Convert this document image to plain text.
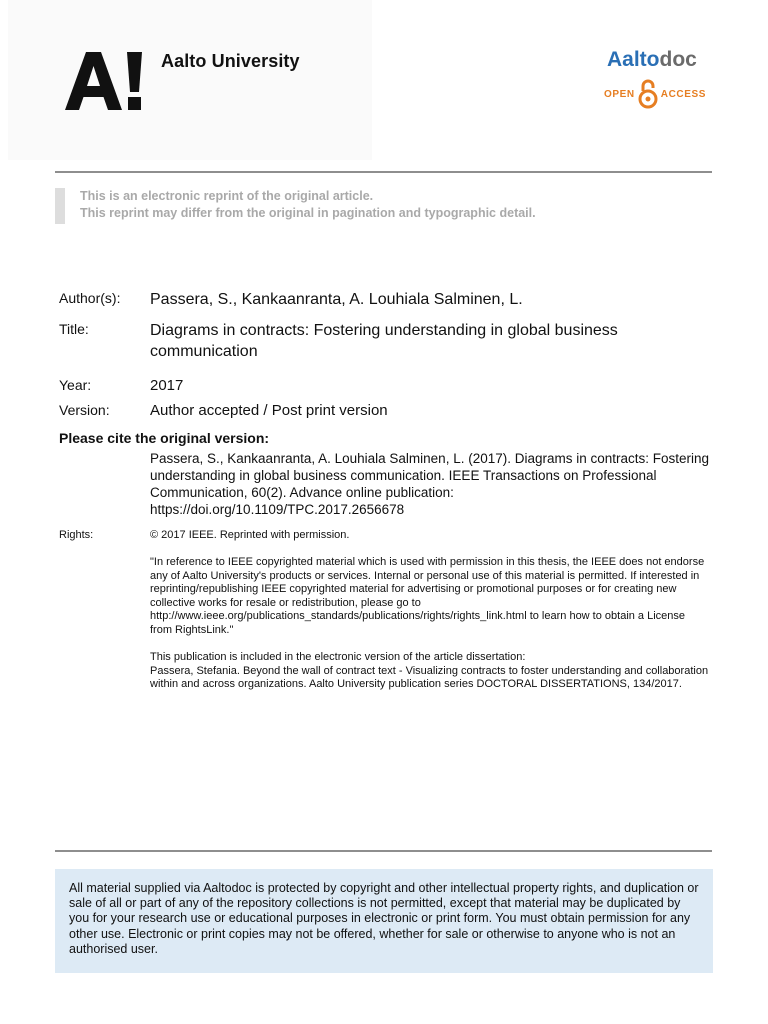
Aalto University	Aaltodoc
OPEN	ACCESS
This is an electronic reprint of the original article.
This reprint may differ from the original in pagination and typographic detail.
Author(s): Passera, S., Kankaanranta, A. Louhiala Salminen, L.
Title:	Diagrams in contracts: Fostering understanding in global business communication
Year:	2017
Version:	Author accepted / Post print version
Please cite the original version:
Passera, S., Kankaanranta, A. Louhiala Salminen, L. (2017). Diagrams in contracts: Fostering understanding in global business communication. IEEE Transactions on Professional Communication, 60(2). Advance online publication: https://doi.org/10.1109/TPC.2017.2656678
Rights:	© 2017 IEEE. Reprinted with permission.
"In reference to IEEE copyrighted material which is used with permission in this thesis, the IEEE does not endorse any of Aalto University's products or services. Internal or personal use of this material is permitted. If interested in reprinting/republishing IEEE copyrighted material for advertising or promotional purposes or for creating new collective works for resale or redistribution, please go to http://www.ieee.org/publications_standards/publications/rights/rights_link.html to learn how to obtain a License from RightsLink."
This publication is included in the electronic version of the article dissertation:
Passera, Stefania. Beyond the wall of contract text - Visualizing contracts to foster understanding and collaboration within and across organizations. Aalto University publication series DOCTORAL DISSERTATIONS, 134/2017.
All material supplied via Aaltodoc is protected by copyright and other intellectual property rights, and duplication or sale of all or part of any of the repository collections is not permitted, except that material may be duplicated by you for your research use or educational purposes in electronic or print form. You must obtain permission for any other use. Electronic or print copies may not be offered, whether for sale or otherwise to anyone who is not an authorised user.
